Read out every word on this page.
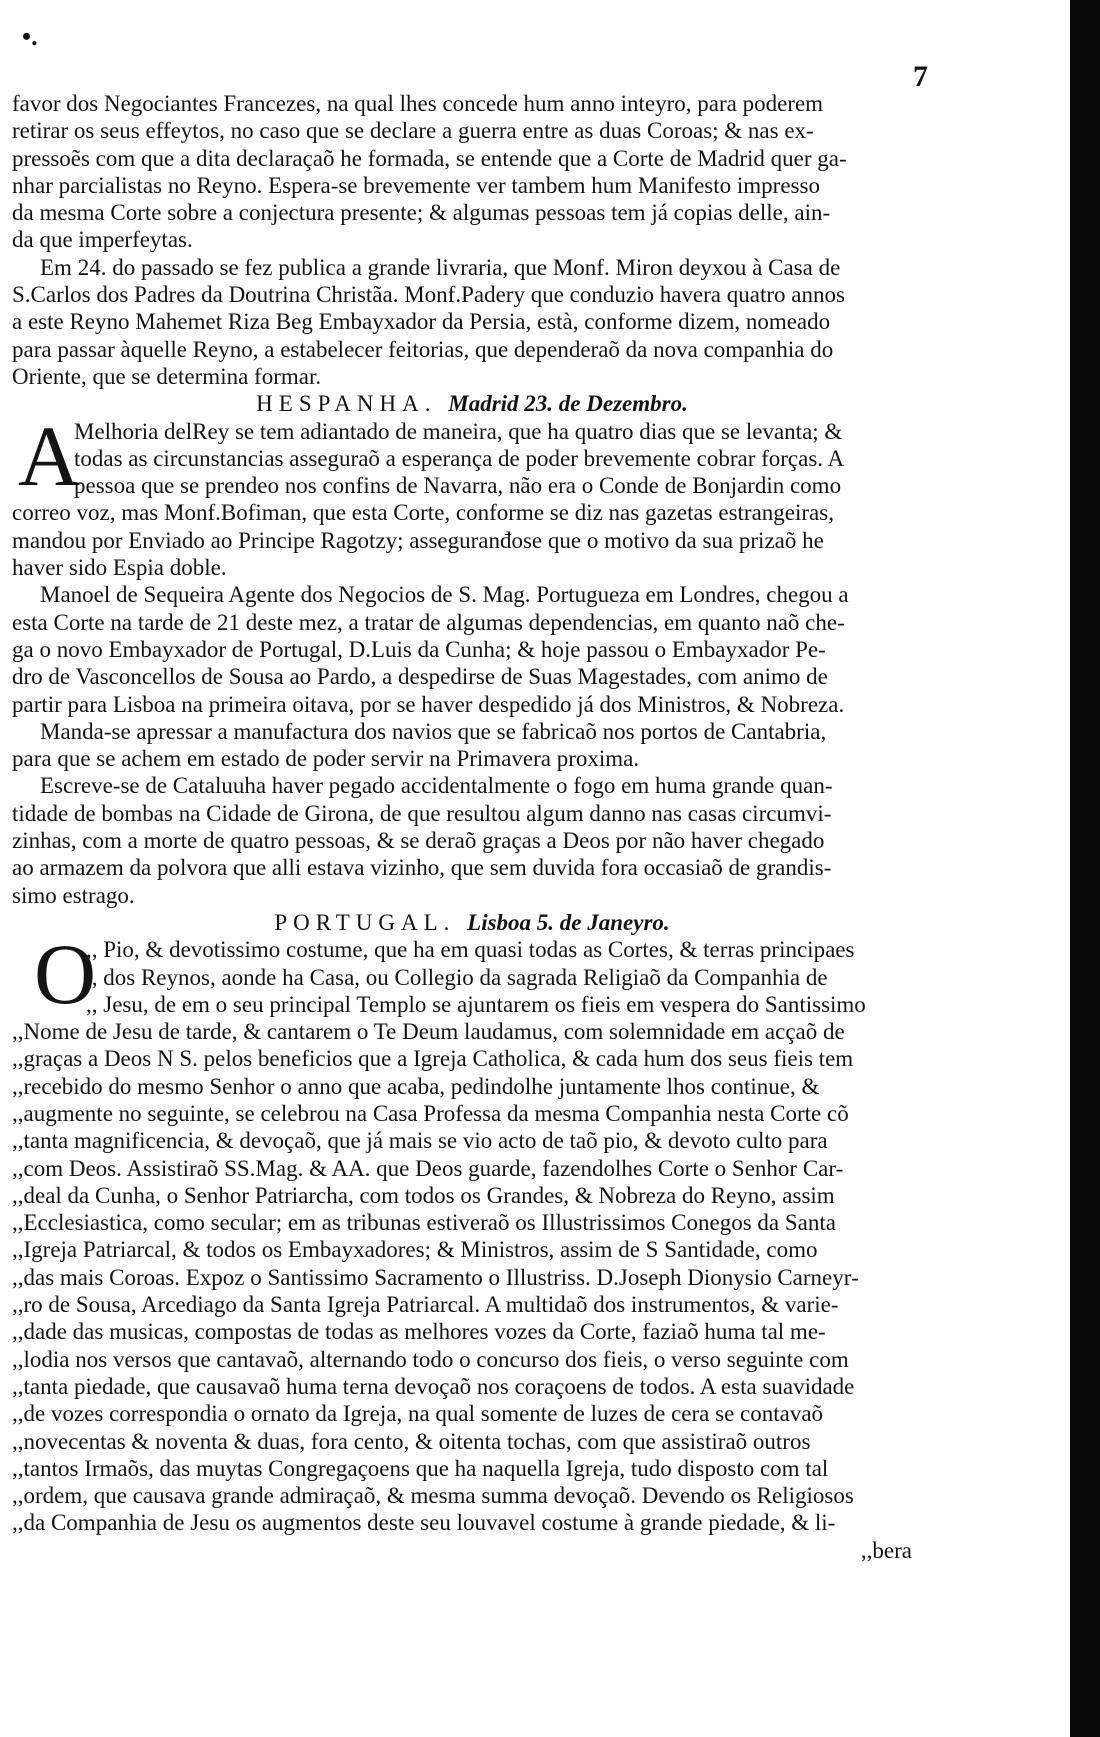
•.
7
favor dos Negociantes Francezes, na qual lhes concede hum anno inteyro, para poderem
retirar os seus effeytos, no caso que se declare a guerra entre as duas Coroas; & nas ex-
pressoẽs com que a dita declaraçaõ he formada, se entende que a Corte de Madrid quer ga-
nhar parcialistas no Reyno. Espera-se brevemente ver tambem hum Manifesto impresso
da mesma Corte sobre a conjectura presente; & algumas pessoas tem já copias delle, ain-
da que imperfeytas.
Em 24. do passado se fez publica a grande livraria, que Monf. Miron deyxou à Casa de
S.Carlos dos Padres da Doutrina Christãa. Monf.Padery que conduzio havera quatro annos
a este Reyno Mahemet Riza Beg Embayxador da Persia, està, conforme dizem, nomeado
para passar àquelle Reyno, a estabelecer feitorias, que dependeraõ da nova companhia do
Oriente, que se determina formar.
HESPANHA. Madrid 23. de Dezembro.
A
Melhoria delRey se tem adiantado de maneira, que ha quatro dias que se levanta; &
todas as circunstancias asseguraõ a esperança de poder brevemente cobrar forças. A
pessoa que se prendeo nos confins de Navarra, não era o Conde de Bonjardin como
correo voz, mas Monf.Bofiman, que esta Corte, conforme se diz nas gazetas estrangeiras,
mandou por Enviado ao Principe Ragotzy; asseguranđose que o motivo da sua prizaõ he
haver sido Espia doble.
Manoel de Sequeira Agente dos Negocios de S. Mag. Portugueza em Londres, chegou a
esta Corte na tarde de 21 deste mez, a tratar de algumas dependencias, em quanto naõ che-
ga o novo Embayxador de Portugal, D.Luis da Cunha; & hoje passou o Embayxador Pe-
dro de Vasconcellos de Sousa ao Pardo, a despedirse de Suas Magestades, com animo de
partir para Lisboa na primeira oitava, por se haver despedido já dos Ministros, & Nobreza.
Manda-se apressar a manufactura dos navios que se fabricaõ nos portos de Cantabria,
para que se achem em estado de poder servir na Primavera proxima.
Escreve-se de Cataluuha haver pegado accidentalmente o fogo em huma grande quan-
tidade de bombas na Cidade de Girona, de que resultou algum danno nas casas circumvi-
zinhas, com a morte de quatro pessoas, & se deraõ graças a Deos por não haver chegado
ao armazem da polvora que alli estava vizinho, que sem duvida fora occasiaõ de grandis-
simo estrago.
PORTUGAL. Lisboa 5. de Janeyro.
O
,, Pio, & devotissimo costume, que ha em quasi todas as Cortes, & terras principaes
,, dos Reynos, aonde ha Casa, ou Collegio da sagrada Religiaõ da Companhia de
,, Jesu, de em o seu principal Templo se ajuntarem os fieis em vespera do Santissimo
,,Nome de Jesu de tarde, & cantarem o Te Deum laudamus, com solemnidade em acçaõ de
,,graças a Deos N S. pelos beneficios que a Igreja Catholica, & cada hum dos seus fieis tem
,,recebido do mesmo Senhor o anno que acaba, pedindolhe juntamente lhos continue, &
,,augmente no seguinte, se celebrou na Casa Professa da mesma Companhia nesta Corte cõ
,,tanta magnificencia, & devoçaõ, que já mais se vio acto de taõ pio, & devoto culto para
,,com Deos. Assistiraõ SS.Mag. & AA. que Deos guarde, fazendolhes Corte o Senhor Car-
,,deal da Cunha, o Senhor Patriarcha, com todos os Grandes, & Nobreza do Reyno, assim
,,Ecclesiastica, como secular; em as tribunas estiveraõ os Illustrissimos Conegos da Santa
,,Igreja Patriarcal, & todos os Embayxadores; & Ministros, assim de S Santidade, como
,,das mais Coroas. Expoz o Santissimo Sacramento o Illustriss. D.Joseph Dionysio Carneyr-
,,ro de Sousa, Arcediago da Santa Igreja Patriarcal. A multidaõ dos instrumentos, & varie-
,,dade das musicas, compostas de todas as melhores vozes da Corte, faziaõ huma tal me-
,,lodia nos versos que cantavaõ, alternando todo o concurso dos fieis, o verso seguinte com
,,tanta piedade, que causavaõ huma terna devoçaõ nos coraçoens de todos. A esta suavidade
,,de vozes correspondia o ornato da Igreja, na qual somente de luzes de cera se contavaõ
,,novecentas & noventa & duas, fora cento, & oitenta tochas, com que assistiraõ outros
,,tantos Irmaõs, das muytas Congregaçoens que ha naquella Igreja, tudo disposto com tal
,,ordem, que causava grande admiraçaõ, & mesma summa devoçaõ. Devendo os Religiosos
,,da Companhia de Jesu os augmentos deste seu louvavel costume à grande piedade, & li-
,,bera
